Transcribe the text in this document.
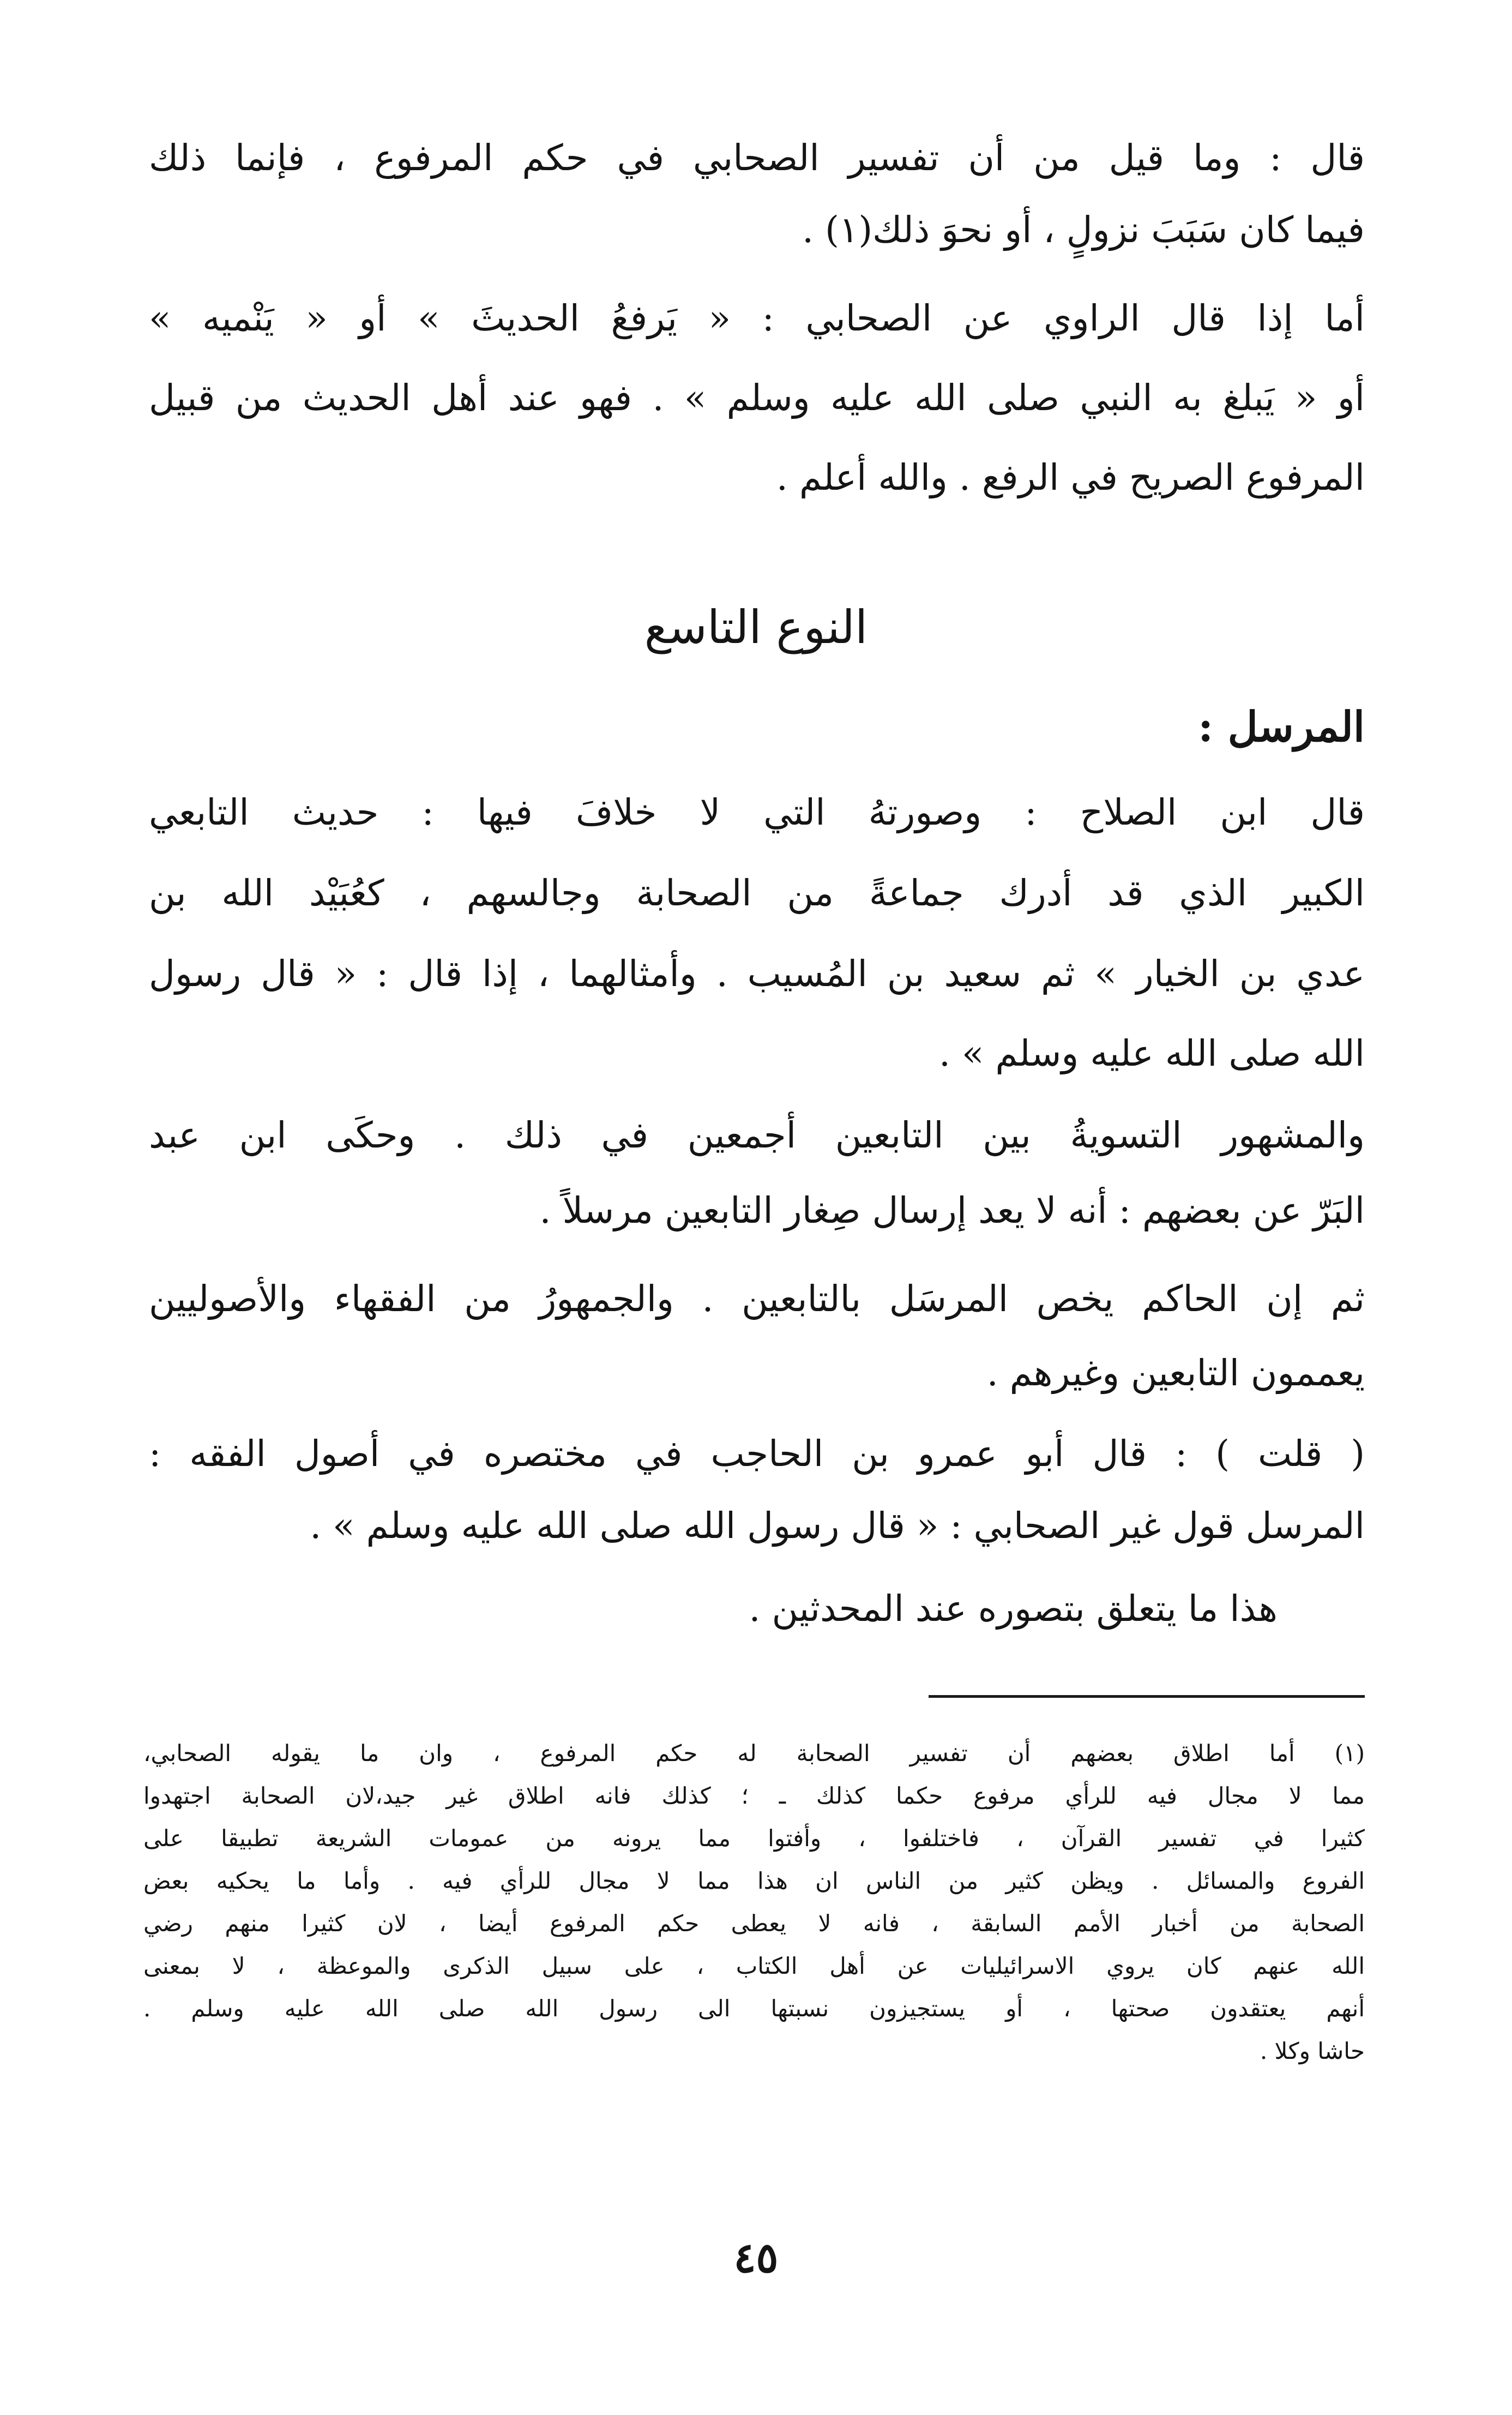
قال : وما قيل من أن تفسير الصحابي في حكم المرفوع ، فإنما ذلك
فيما كان سَبَبَ نزولٍ ، أو نحوَ ذلك(١) .
أما إذا قال الراوي عن الصحابي : « يَرفعُ الحديثَ » أو « يَنْميه »
أو « يَبلغ به النبي صلى الله عليه وسلم » . فهو عند أهل الحديث من قبيل
المرفوع الصريح في الرفع . والله أعلم .
النوع التاسع
المرسل :
قال ابن الصلاح : وصورتهُ التي لا خلافَ فيها : حديث التابعي
الكبير الذي قد أدرك جماعةً من الصحابة وجالسهم ، كعُبَيْد الله بن
عدي بن الخيار » ثم سعيد بن المُسيب . وأمثالهما ، إذا قال : « قال رسول
الله صلى الله عليه وسلم » .
والمشهور التسويةُ بين التابعين أجمعين في ذلك . وحكَى ابن عبد
البَرّ عن بعضهم : أنه لا يعد إرسال صِغار التابعين مرسلاً .
ثم إن الحاكم يخص المرسَل بالتابعين . والجمهورُ من الفقهاء والأصوليين
يعممون التابعين وغيرهم .
( قلت ) : قال أبو عمرو بن الحاجب في مختصره في أصول الفقه :
المرسل قول غير الصحابي : « قال رسول الله صلى الله عليه وسلم » .
هذا ما يتعلق بتصوره عند المحدثين .
(١) أما اطلاق بعضهم أن تفسير الصحابة له حكم المرفوع ، وان ما يقوله الصحابي،
مما لا مجال فيه للرأي مرفوع حكما كذلك ـ ؛ كذلك فانه اطلاق غير جيد،لان الصحابة اجتهدوا
كثيرا في تفسير القرآن ، فاختلفوا ، وأفتوا مما يرونه من عمومات الشريعة تطبيقا على
الفروع والمسائل . ويظن كثير من الناس ان هذا مما لا مجال للرأي فيه . وأما ما يحكيه بعض
الصحابة من أخبار الأمم السابقة ، فانه لا يعطى حكم المرفوع أيضا ، لان كثيرا منهم رضي
الله عنهم كان يروي الاسرائيليات عن أهل الكتاب ، على سبيل الذكرى والموعظة ، لا بمعنى
أنهم يعتقدون صحتها ، أو يستجيزون نسبتها الى رسول الله صلى الله عليه وسلم .
حاشا وكلا .
٤٥
